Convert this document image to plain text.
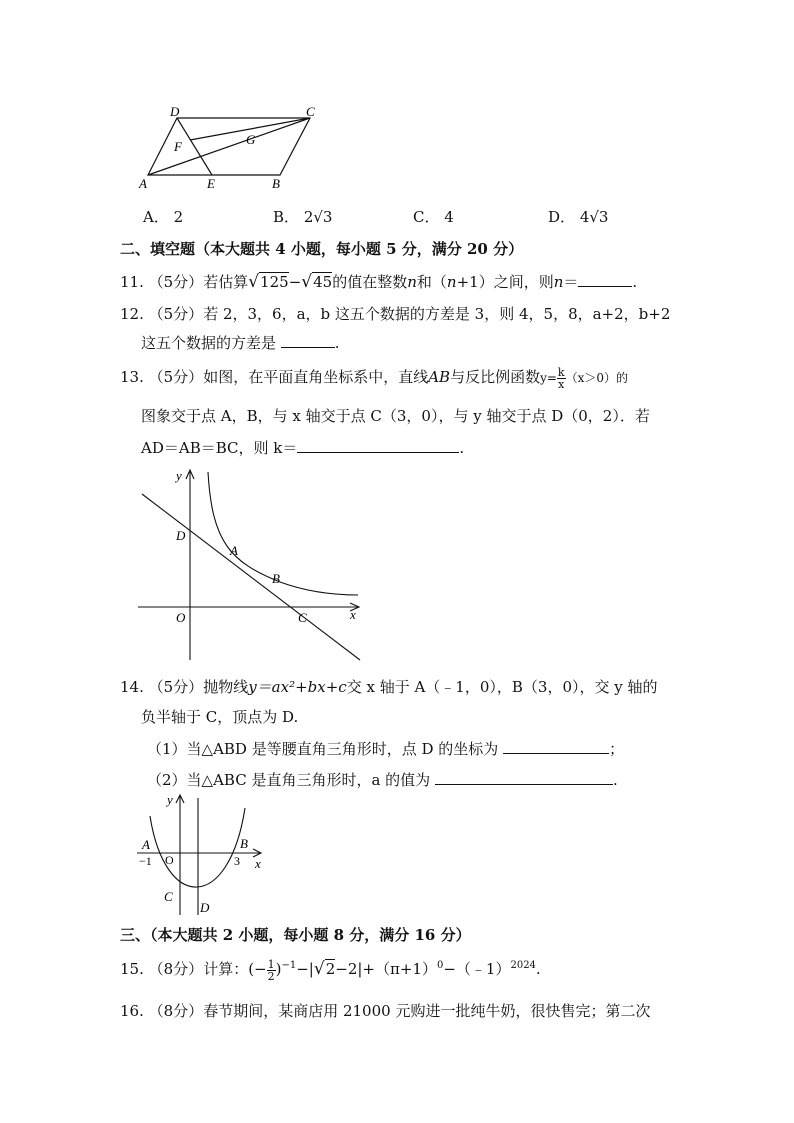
D	C
G
F
A	E	B
A． 2	B． 2√3	C． 4	D． 4√3
二、填空题（本大题共 4 小题，每小题 5 分，满分 20 分）
11. （5分）若估算√125−√45的值在整数n和（n+1）之间，则n＝	.
12. （5分）若 2，3，6，a，b 这五个数据的方差是 3，则 4，5，8，a+2，b+2
这五个数据的方差是	.
13. （5分）如图，在平面直角坐标系中，直线AB与反比例函数$y= \frac{k}{x} (x>0)$的
图象交于点 A，B，与 x 轴交于点 C（3，0），与 y 轴交于点 D（0，2）．若
AD＝AB＝BC，则 k＝	.
y
x
O
D
A
B
C
14. （5分）抛物线y＝ax²+bx+c交 x 轴于 A（﹣1，0），B（3，0），交 y 轴的
负半轴于 C，顶点为 D.
（1）当△ABD 是等腰直角三角形时，点 D 的坐标为	；
（2）当△ABC 是直角三角形时，a 的值为	.
y
A	B
−1 O	3 x
C
D
三、（本大题共 2 小题，每小题 8 分，满分 16 分）
15. （8分）计算：(− $\frac{1}{2}$ )$^{-1}-|√2-2|+(\pi+1)^0-(﹣1)^{2024}$.
16. （8分）春节期间，某商店用 21000 元购进一批纯牛奶，很快售完；第二次
